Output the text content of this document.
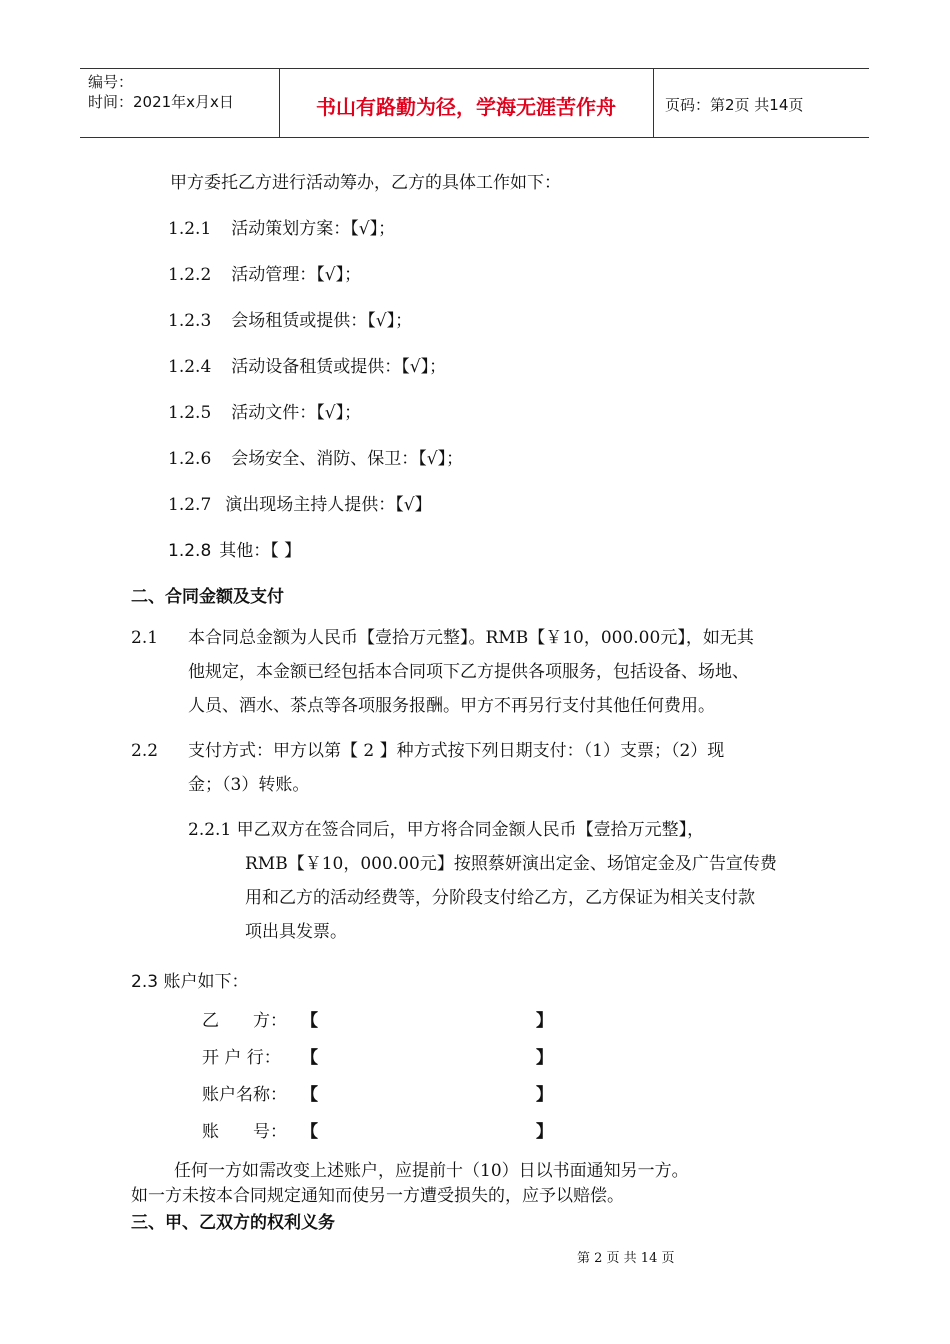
编号：
时间：2021年x月x日	书山有路勤为径，学海无涯苦作舟	页码：第2页 共14页
甲方委托乙方进行活动筹办，乙方的具体工作如下：
1.2.1 活动策划方案：【√】；
1.2.2 活动管理：【√】；
1.2.3 会场租赁或提供：【√】；
1.2.4 活动设备租赁或提供：【√】；
1.2.5 活动文件：【√】；
1.2.6 会场安全、消防、保卫：【√】；
1.2.7 演出现场主持人提供：【√】
1.2.8 其他：【 】
二、合同金额及支付
2.1 本合同总金额为人民币【壹拾万元整】。RMB【￥10，000.00元】，如无其
他规定，本金额已经包括本合同项下乙方提供各项服务，包括设备、场地、
人员、酒水、茶点等各项服务报酬。甲方不再另行支付其他任何费用。
2.2 支付方式：甲方以第【 2 】种方式按下列日期支付：（1）支票；（2）现
金；（3）转账。
2.2.1 甲乙双方在签合同后，甲方将合同金额人民币【壹拾万元整】，
RMB【￥10，000.00元】按照蔡妍演出定金、场馆定金及广告宣传费
用和乙方的活动经费等，分阶段支付给乙方，乙方保证为相关支付款
项出具发票。
2.3 账户如下：
乙　　方： 【	】
开 户 行： 【	】
账户名称： 【	】
账　　号： 【	】
任何一方如需改变上述账户，应提前十（10）日以书面通知另一方。
如一方未按本合同规定通知而使另一方遭受损失的，应予以赔偿。
三、甲、乙双方的权利义务
第 2 页 共 14 页
